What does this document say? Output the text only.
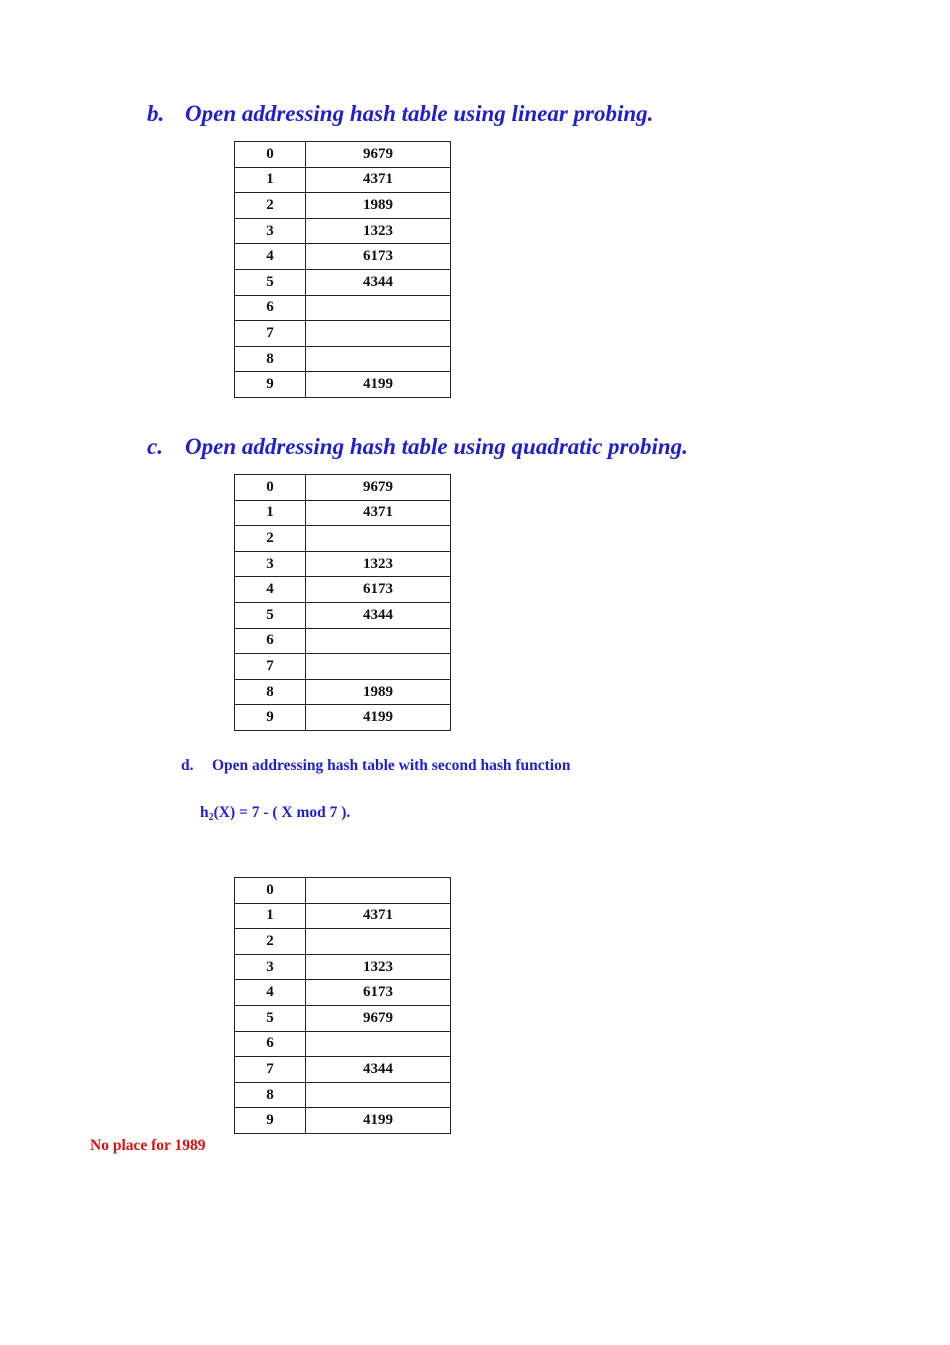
b. Open addressing hash table using linear probing.
0	9679
1	4371
2	1989
3	1323
4	6173
5	4344
6	
7	
8	
9	4199
c. Open addressing hash table using quadratic probing.
0	9679
1	4371
2	
3	1323
4	6173
5	4344
6	
7	
8	1989
9	4199

d. Open addressing hash table with second hash function

$h_2(X) = 7$ - ( X mod 7 ).

0	
1	4371
2	
3	1323
4	6173
5	9679
6	
7	4344
8	
9	4199

No place for 1989
